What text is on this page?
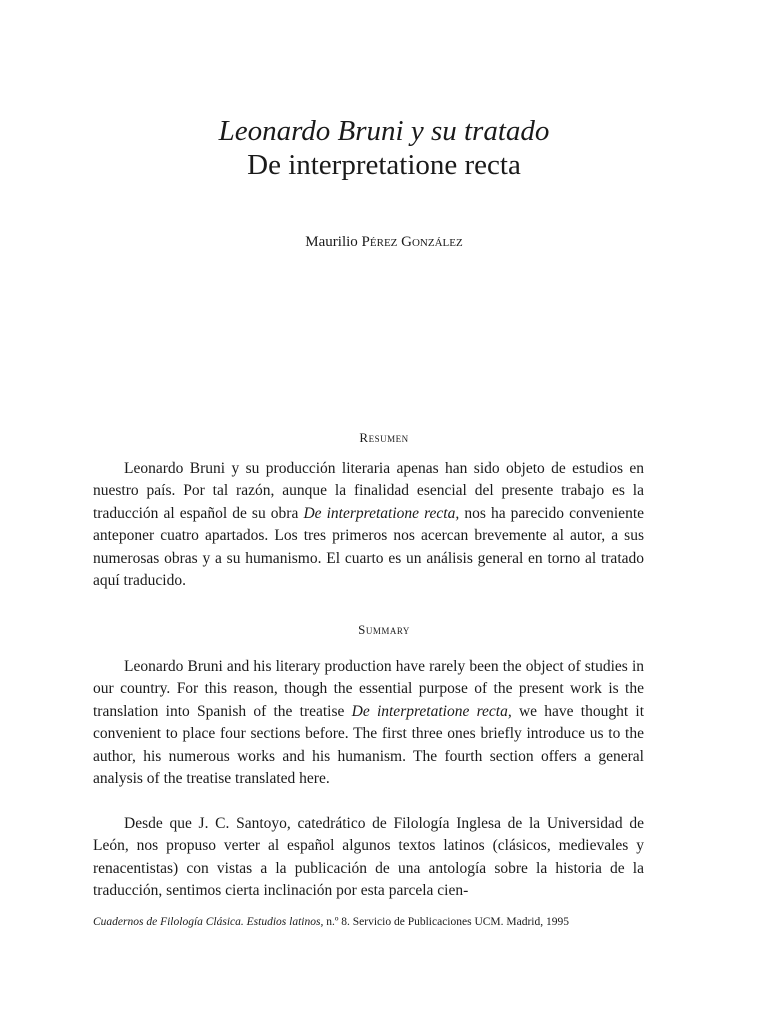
Leonardo Bruni y su tratado
De interpretatione recta
Maurilio Pérez González
Resumen

Leonardo Bruni y su producción literaria apenas han sido objeto de estudios en nuestro país. Por tal razón, aunque la finalidad esencial del presente trabajo es la traducción al español de su obra De interpretatione recta, nos ha parecido conveniente anteponer cuatro apartados. Los tres primeros nos acercan brevemente al autor, a sus numerosas obras y a su humanismo. El cuarto es un análisis general en torno al tratado aquí traducido.

Summary

Leonardo Bruni and his literary production have rarely been the object of studies in our country. For this reason, though the essential purpose of the present work is the translation into Spanish of the treatise De interpretatione recta, we have thought it convenient to place four sections before. The first three ones briefly introduce us to the author, his numerous works and his humanism. The fourth section offers a general analysis of the treatise translated here.

Desde que J. C. Santoyo, catedrático de Filología Inglesa de la Universidad de León, nos propuso verter al español algunos textos latinos (clásicos, medievales y renacentistas) con vistas a la publicación de una antología sobre la historia de la traducción, sentimos cierta inclinación por esta parcela cien-

Cuadernos de Filología Clásica. Estudios latinos, n.º 8. Servicio de Publicaciones UCM. Madrid, 1995
